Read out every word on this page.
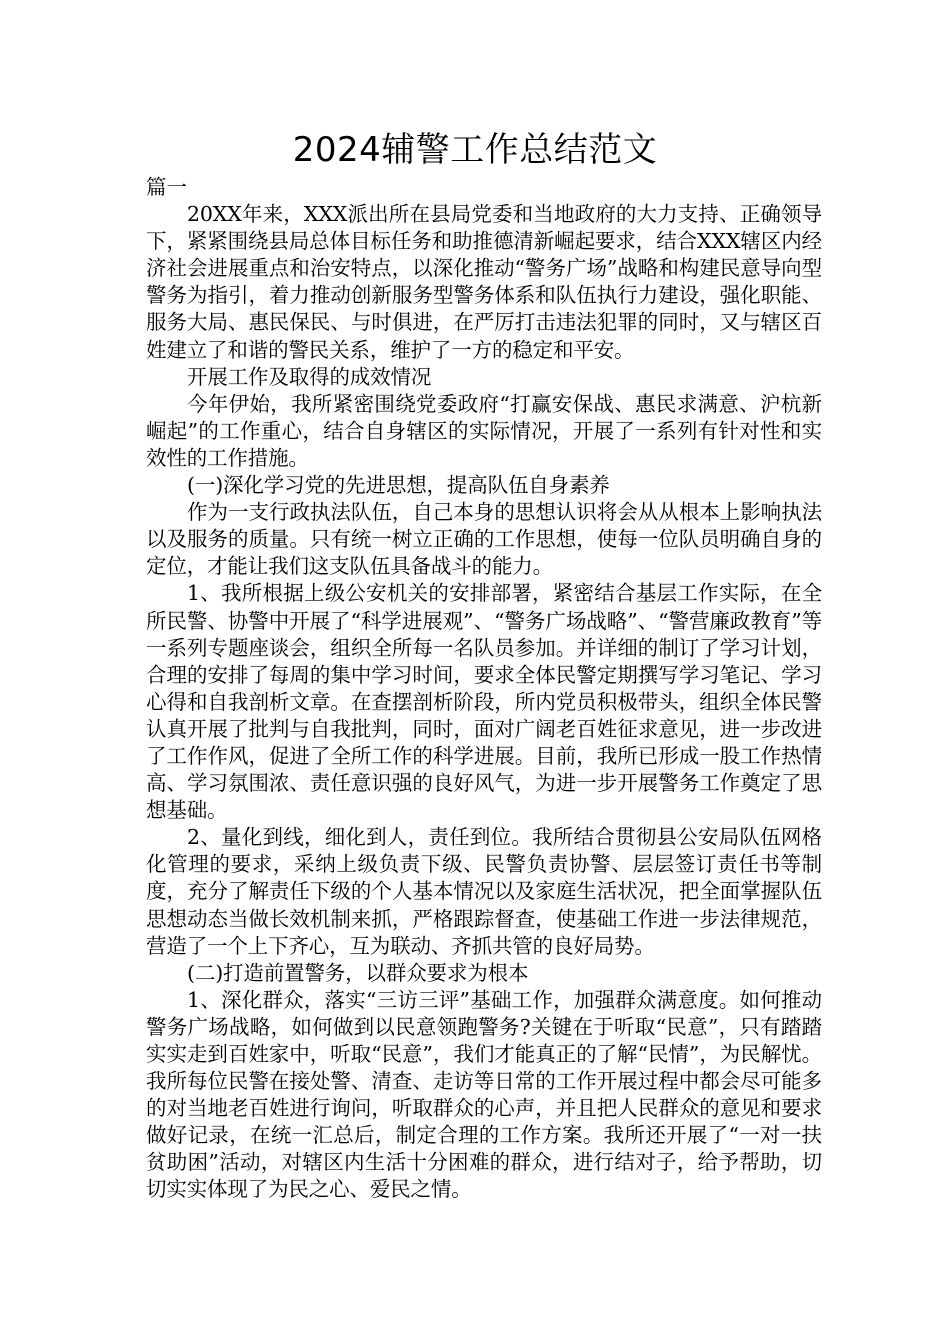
2024辅警工作总结范文

篇一

20XX年来，XXX派出所在县局党委和当地政府的大力支持、正确领导下，紧紧围绕县局总体目标任务和助推德清新崛起要求，结合XXX辖区内经济社会进展重点和治安特点，以深化推动“警务广场”战略和构建民意导向型警务为指引，着力推动创新服务型警务体系和队伍执行力建设，强化职能、服务大局、惠民保民、与时俱进，在严厉打击违法犯罪的同时，又与辖区百姓建立了和谐的警民关系，维护了一方的稳定和平安。

开展工作及取得的成效情况

今年伊始，我所紧密围绕党委政府“打赢安保战、惠民求满意、沪杭新崛起”的工作重心，结合自身辖区的实际情况，开展了一系列有针对性和实效性的工作措施。

(一)深化学习党的先进思想，提高队伍自身素养

作为一支行政执法队伍，自己本身的思想认识将会从从根本上影响执法以及服务的质量。只有统一树立正确的工作思想，使每一位队员明确自身的定位，才能让我们这支队伍具备战斗的能力。

1、我所根据上级公安机关的安排部署，紧密结合基层工作实际，在全所民警、协警中开展了“科学进展观”、“警务广场战略”、“警营廉政教育”等一系列专题座谈会，组织全所每一名队员参加。并详细的制订了学习计划，合理的安排了每周的集中学习时间，要求全体民警定期撰写学习笔记、学习心得和自我剖析文章。在查摆剖析阶段，所内党员积极带头，组织全体民警认真开展了批判与自我批判，同时，面对广阔老百姓征求意见，进一步改进了工作作风，促进了全所工作的科学进展。目前，我所已形成一股工作热情高、学习氛围浓、责任意识强的良好风气，为进一步开展警务工作奠定了思想基础。

2、量化到线，细化到人，责任到位。我所结合贯彻县公安局队伍网格化管理的要求，采纳上级负责下级、民警负责协警、层层签订责任书等制度，充分了解责任下级的个人基本情况以及家庭生活状况，把全面掌握队伍思想动态当做长效机制来抓，严格跟踪督查，使基础工作进一步法律规范，营造了一个上下齐心，互为联动、齐抓共管的良好局势。

(二)打造前置警务，以群众要求为根本

1、深化群众，落实“三访三评”基础工作，加强群众满意度。如何推动警务广场战略，如何做到以民意领跑警务?关键在于听取“民意”，只有踏踏实实走到百姓家中，听取“民意”，我们才能真正的了解“民情”，为民解忧。我所每位民警在接处警、清查、走访等日常的工作开展过程中都会尽可能多的对当地老百姓进行询问，听取群众的心声，并且把人民群众的意见和要求做好记录，在统一汇总后，制定合理的工作方案。我所还开展了“一对一扶贫助困”活动，对辖区内生活十分困难的群众，进行结对子，给予帮助，切切实实体现了为民之心、爱民之情。
